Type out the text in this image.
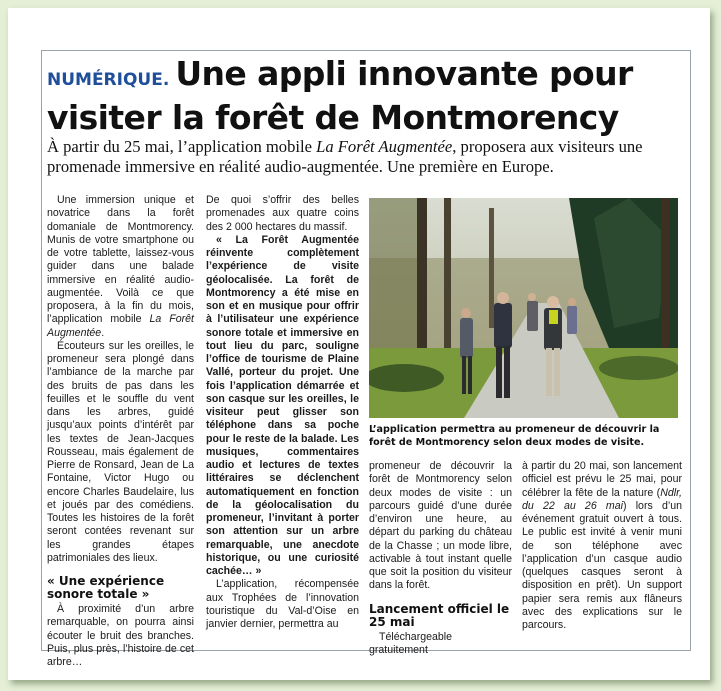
NUMÉRIQUE. Une appli innovante pour
visiter la forêt de Montmorency
À partir du 25 mai, l’application mobile La Forêt Augmentée, proposera aux visiteurs une promenade immersive en réalité audio-augmentée. Une première en Europe.

Une immersion unique et novatrice dans la forêt domaniale de Montmorency. Munis de votre smartphone ou de votre tablette, laissez-vous guider dans une balade immersive en réalité audio-augmentée. Voilà ce que proposera, à la fin du mois, l’application mobile La Forêt Augmentée.

Écouteurs sur les oreilles, le promeneur sera plongé dans l’ambiance de la marche par des bruits de pas dans les feuilles et le souffle du vent dans les arbres, guidé jusqu’aux points d’intérêt par les textes de Jean-Jacques Rousseau, mais également de Pierre de Ronsard, Jean de La Fontaine, Victor Hugo ou encore Charles Baudelaire, lus et joués par des comédiens. Toutes les histoires de la forêt seront contées revenant sur les grandes étapes patrimoniales des lieux.

« Une expérience sonore totale »

À proximité d’un arbre remarquable, on pourra ainsi écouter le bruit des branches. Puis, plus près, l’histoire de cet arbre…

De quoi s’offrir des belles promenades aux quatre coins des 2 000 hectares du massif.

« La Forêt Augmentée réinvente complètement l’expérience de visite géolocalisée. La forêt de Montmorency a été mise en son et en musique pour offrir à l’utilisateur une expérience sonore totale et immersive en tout lieu du parc, souligne l’office de tourisme de Plaine Vallé, porteur du projet. Une fois l’application démarrée et son casque sur les oreilles, le visiteur peut glisser son téléphone dans sa poche pour le reste de la balade. Les musiques, commentaires audio et lectures de textes littéraires se déclenchent automatiquement en fonction de la géolocalisation du promeneur, l’invitant à porter son attention sur un arbre remarquable, une anecdote historique, ou une curiosité cachée… »

L’application, récompensée aux Trophées de l’innovation touristique du Val-d’Oise en janvier dernier, permettra au

L’application permettra au promeneur de découvrir la forêt de Montmorency selon deux modes de visite.

promeneur de découvrir la forêt de Montmorency selon deux modes de visite : un parcours guidé d’une durée d’environ une heure, au départ du parking du château de la Chasse ; un mode libre, activable à tout instant quelle que soit la position du visiteur dans la forêt.

Lancement officiel le 25 mai

Téléchargeable gratuitement

à partir du 20 mai, son lancement officiel est prévu le 25 mai, pour célébrer la fête de la nature (Ndlr, du 22 au 26 mai) lors d’un événement gratuit ouvert à tous. Le public est invité à venir muni de son téléphone avec l’application d’un casque audio (quelques casques seront à disposition en prêt). Un support papier sera remis aux flâneurs avec des explications sur le parcours.
